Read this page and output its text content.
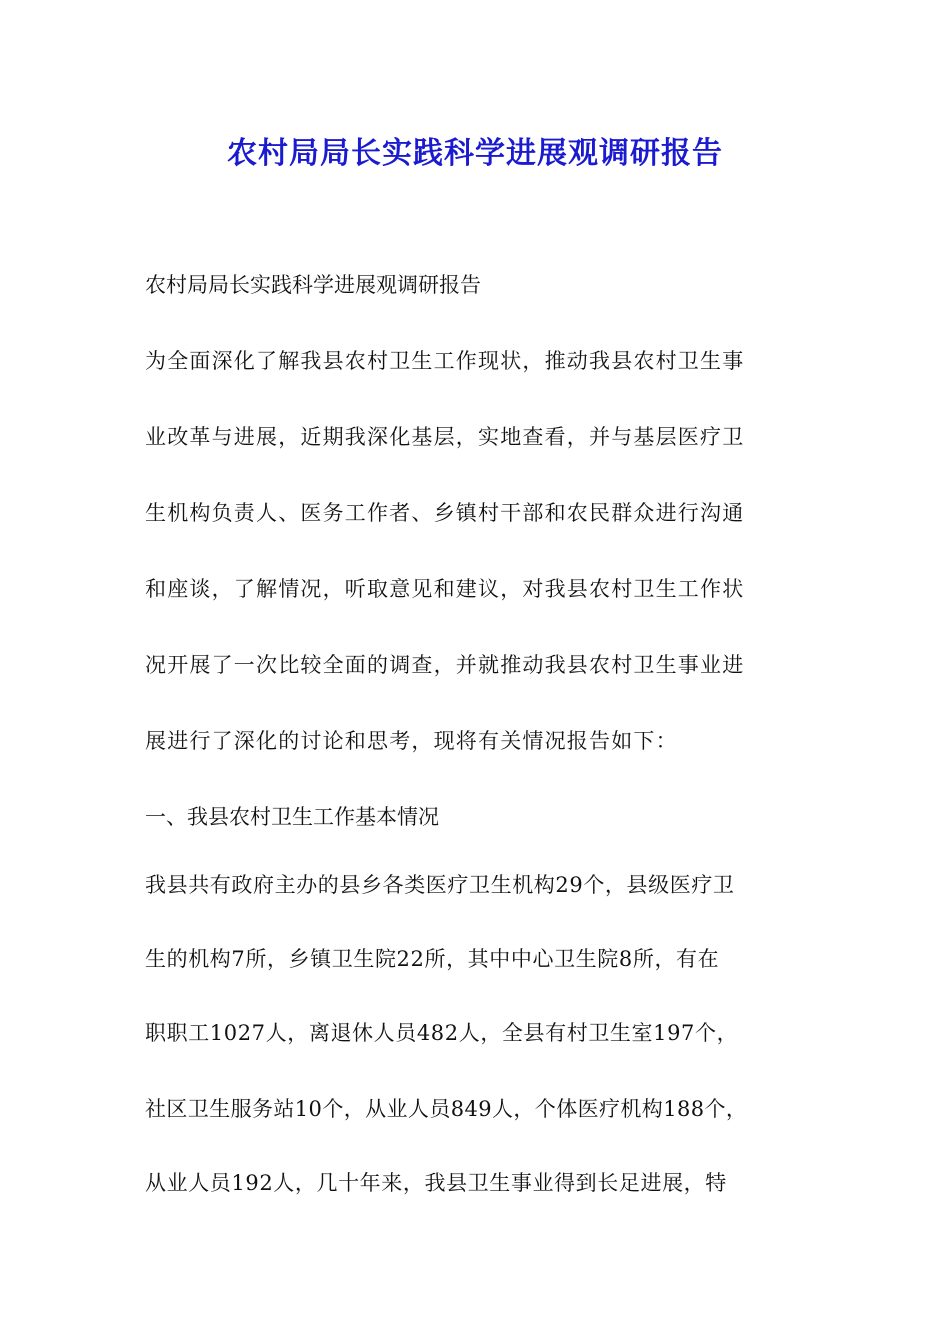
农村局局长实践科学进展观调研报告
农村局局长实践科学进展观调研报告
为全面深化了解我县农村卫生工作现状，推动我县农村卫生事
业改革与进展，近期我深化基层，实地查看，并与基层医疗卫
生机构负责人、医务工作者、乡镇村干部和农民群众进行沟通
和座谈，了解情况，听取意见和建议，对我县农村卫生工作状
况开展了一次比较全面的调查，并就推动我县农村卫生事业进
展进行了深化的讨论和思考，现将有关情况报告如下：
一、我县农村卫生工作基本情况
我县共有政府主办的县乡各类医疗卫生机构29个，县级医疗卫
生的机构7所，乡镇卫生院22所，其中中心卫生院8所，有在
职职工1027人，离退休人员482人，全县有村卫生室197个，
社区卫生服务站10个，从业人员849人，个体医疗机构188个，
从业人员192人，几十年来，我县卫生事业得到长足进展，特
